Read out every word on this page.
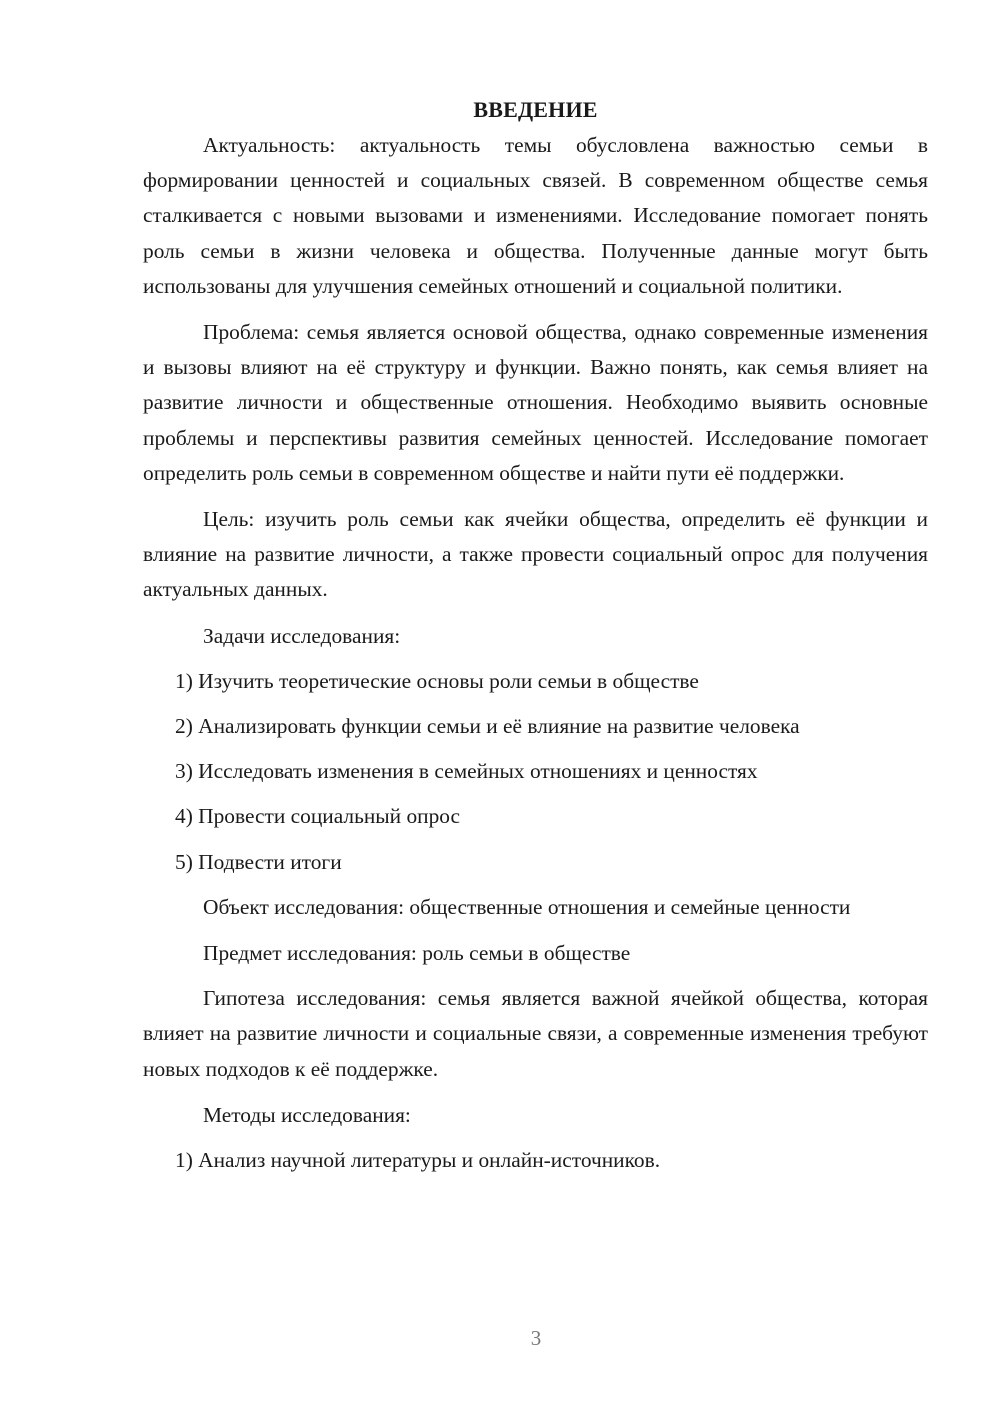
ВВЕДЕНИЕ

Актуальность: актуальность темы обусловлена важностью семьи в формировании ценностей и социальных связей. В современном обществе семья сталкивается с новыми вызовами и изменениями. Исследование помогает понять роль семьи в жизни человека и общества. Полученные данные могут быть использованы для улучшения семейных отношений и социальной политики.

Проблема: семья является основой общества, однако современные изменения и вызовы влияют на её структуру и функции. Важно понять, как семья влияет на развитие личности и общественные отношения. Необходимо выявить основные проблемы и перспективы развития семейных ценностей. Исследование помогает определить роль семьи в современном обществе и найти пути её поддержки.

Цель: изучить роль семьи как ячейки общества, определить её функции и влияние на развитие личности, а также провести социальный опрос для получения актуальных данных.

Задачи исследования:
1) Изучить теоретические основы роли семьи в обществе
2) Анализировать функции семьи и её влияние на развитие человека
3) Исследовать изменения в семейных отношениях и ценностях
4) Провести социальный опрос
5) Подвести итоги

Объект исследования: общественные отношения и семейные ценности

Предмет исследования: роль семьи в обществе

Гипотеза исследования: семья является важной ячейкой общества, которая влияет на развитие личности и социальные связи, а современные изменения требуют новых подходов к её поддержке.

Методы исследования:
1) Анализ научной литературы и онлайн-источников.
3
